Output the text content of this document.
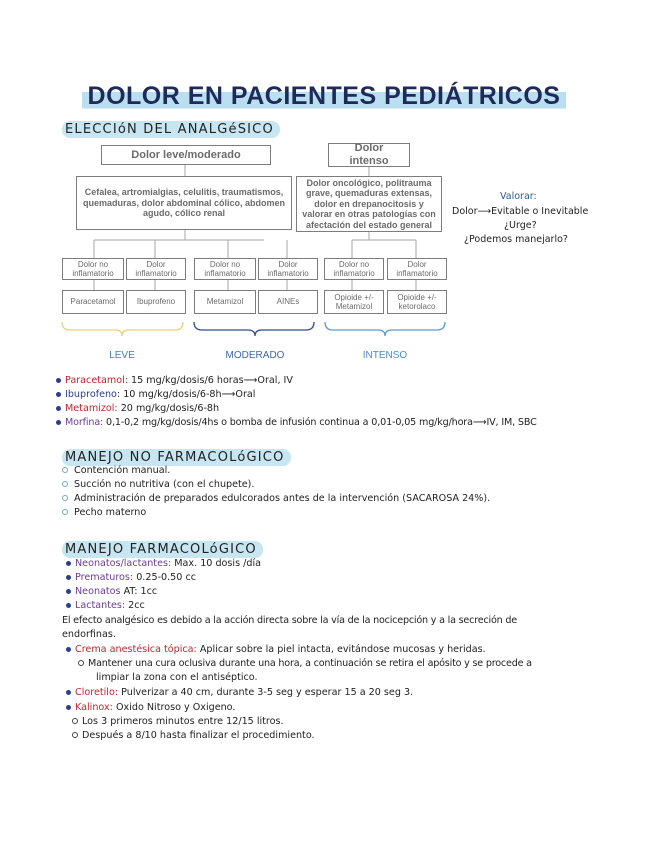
DOLOR EN PACIENTES PEDIÁTRICOS
ELECCIóN DEL ANALGéSICO
Dolor leve/moderado
Dolor intenso
Cefalea, artromialgias, celulitis, traumatismos, quemaduras, dolor abdominal cólico, abdomen agudo, cólico renal
Dolor oncológico, politrauma grave, quemaduras extensas, dolor en drepanocitosis y valorar en otras patologías con afectación del estado general
Dolor no inflamatorio
Dolor inflamatorio
Dolor no inflamatorio
Dolor inflamatorio
Dolor no inflamatorio
Dolor inflamatorio
Paracetamol	Ibuprofeno	Metamizol	AINEs
Opioide +/- Metamizol
Opioide +/- ketorolaco
LEVE	MODERADO	INTENSO
Valorar:
Dolor⟶Evitable o Inevitable
¿Urge?
¿Podemos manejarlo?
Paracetamol: 15 mg/kg/dosis/6 horas⟶Oral, IV
Ibuprofeno: 10 mg/kg/dosis/6-8h⟶Oral
Metamizol: 20 mg/kg/dosis/6-8h
Morfina: 0,1-0,2 mg/kg/dosis/4hs o bomba de infusión continua a 0,01-0,05 mg/kg/hora⟶IV, IM, SBC
MANEJO NO FARMACOLóGICO
Contención manual.
Succión no nutritiva (con el chupete).
Administración de preparados edulcorados antes de la intervención (SACAROSA 24%).
Pecho materno
MANEJO FARMACOLóGICO
Neonatos/lactantes: Max. 10 dosis /día
Prematuros: 0.25-0.50 cc
Neonatos AT: 1cc
Lactantes: 2cc
El efecto analgésico es debido a la acción directa sobre la vía de la nocicepción y a la secreción de
endorfinas.
Crema anestésica tópica: Aplicar sobre la piel intacta, evitándose mucosas y heridas.
Mantener una cura oclusiva durante una hora, a continuación se retira el apósito y se procede a
limpiar la zona con el antiséptico.
Cloretilo: Pulverizar a 40 cm, durante 3-5 seg y esperar 15 a 20 seg 3.
Kalinox: Oxido Nitroso y Oxigeno.
Los 3 primeros minutos entre 12/15 litros.
Después a 8/10 hasta finalizar el procedimiento.
